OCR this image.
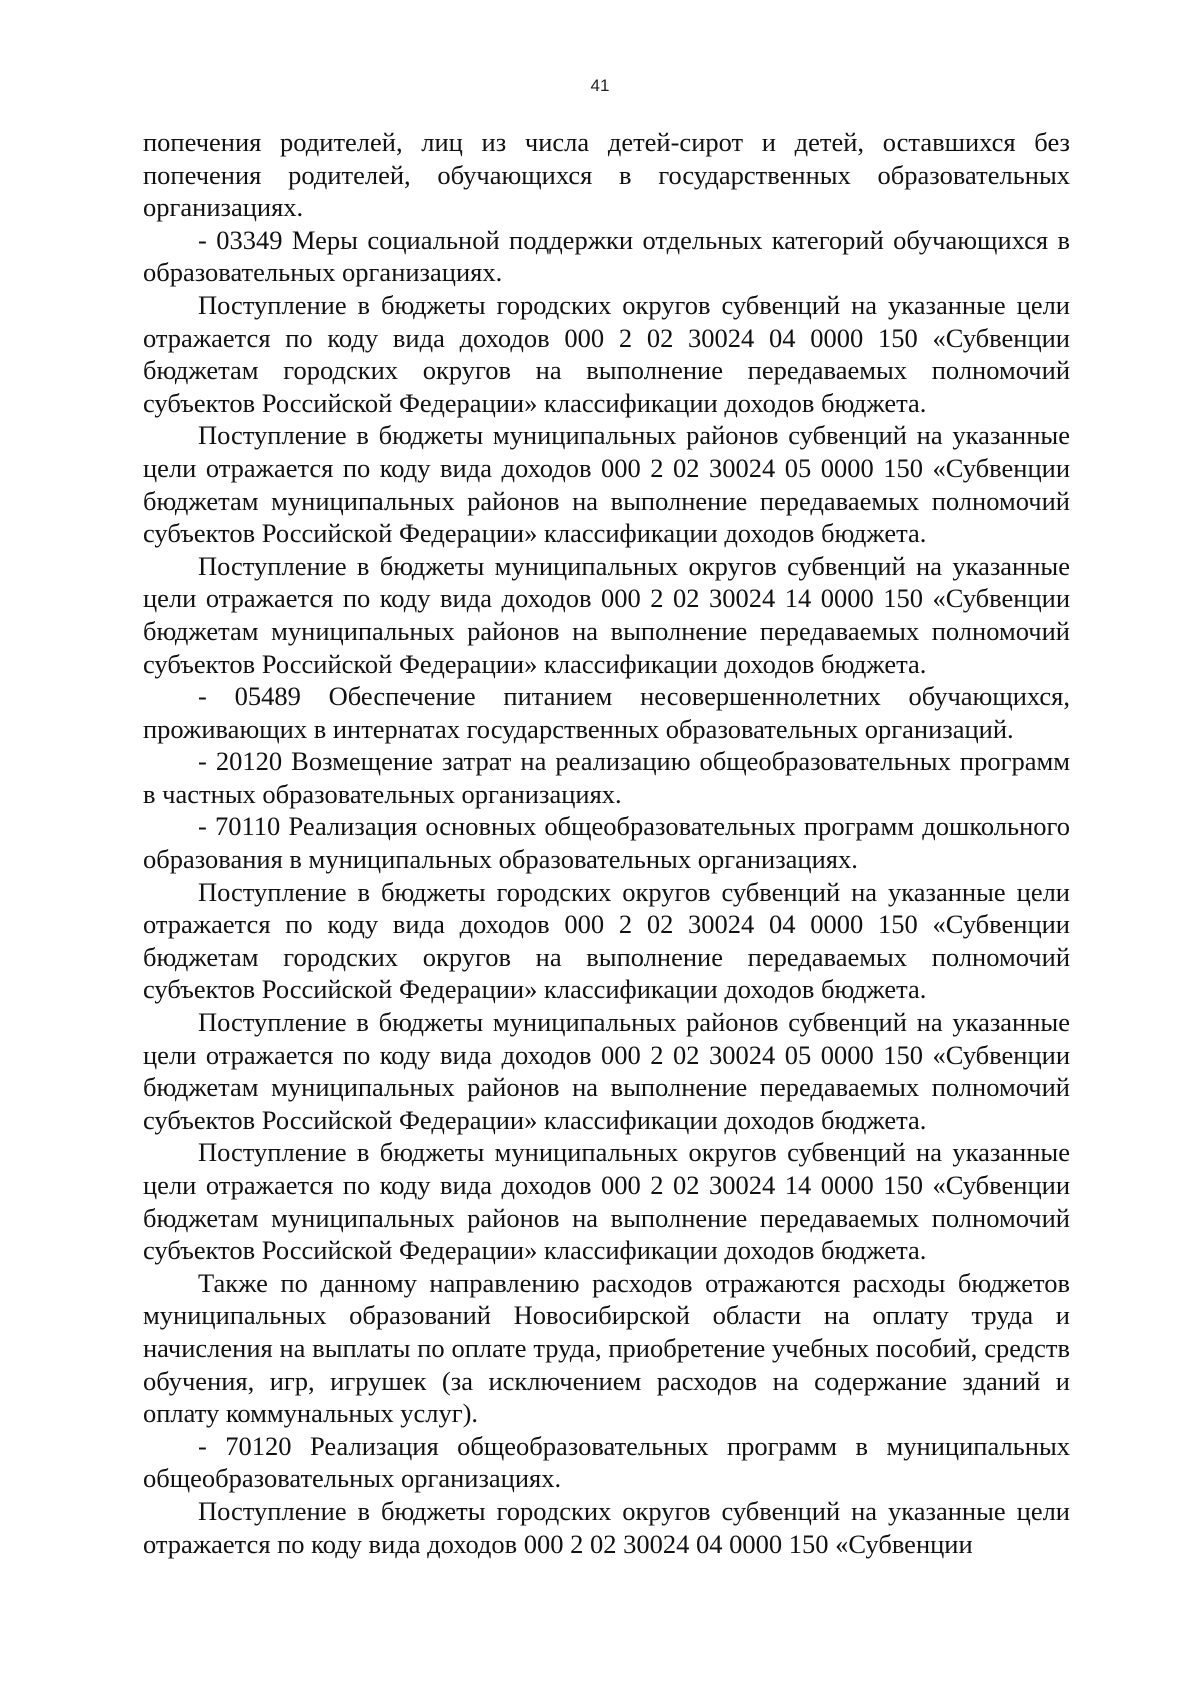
41

попечения родителей, лиц из числа детей-сирот и детей, оставшихся без попечения родителей, обучающихся в государственных образовательных организациях.

- 03349 Меры социальной поддержки отдельных категорий обучающихся в образовательных организациях.

Поступление в бюджеты городских округов субвенций на указанные цели отражается по коду вида доходов 000 2 02 30024 04 0000 150 «Субвенции бюджетам городских округов на выполнение передаваемых полномочий субъектов Российской Федерации» классификации доходов бюджета.

Поступление в бюджеты муниципальных районов субвенций на указанные цели отражается по коду вида доходов 000 2 02 30024 05 0000 150 «Субвенции бюджетам муниципальных районов на выполнение передаваемых полномочий субъектов Российской Федерации» классификации доходов бюджета.

Поступление в бюджеты муниципальных округов субвенций на указанные цели отражается по коду вида доходов 000 2 02 30024 14 0000 150 «Субвенции бюджетам муниципальных районов на выполнение передаваемых полномочий субъектов Российской Федерации» классификации доходов бюджета.

- 05489 Обеспечение питанием несовершеннолетних обучающихся, проживающих в интернатах государственных образовательных организаций.

- 20120 Возмещение затрат на реализацию общеобразовательных программ в частных образовательных организациях.

- 70110 Реализация основных общеобразовательных программ дошкольного образования в муниципальных образовательных организациях.

Поступление в бюджеты городских округов субвенций на указанные цели отражается по коду вида доходов 000 2 02 30024 04 0000 150 «Субвенции бюджетам городских округов на выполнение передаваемых полномочий субъектов Российской Федерации» классификации доходов бюджета.

Поступление в бюджеты муниципальных районов субвенций на указанные цели отражается по коду вида доходов 000 2 02 30024 05 0000 150 «Субвенции бюджетам муниципальных районов на выполнение передаваемых полномочий субъектов Российской Федерации» классификации доходов бюджета.

Поступление в бюджеты муниципальных округов субвенций на указанные цели отражается по коду вида доходов 000 2 02 30024 14 0000 150 «Субвенции бюджетам муниципальных районов на выполнение передаваемых полномочий субъектов Российской Федерации» классификации доходов бюджета.

Также по данному направлению расходов отражаются расходы бюджетов муниципальных образований Новосибирской области на оплату труда и начисления на выплаты по оплате труда, приобретение учебных пособий, средств обучения, игр, игрушек (за исключением расходов на содержание зданий и оплату коммунальных услуг).

- 70120 Реализация общеобразовательных программ в муниципальных общеобразовательных организациях.

Поступление в бюджеты городских округов субвенций на указанные цели отражается по коду вида доходов 000 2 02 30024 04 0000 150 «Субвенции
